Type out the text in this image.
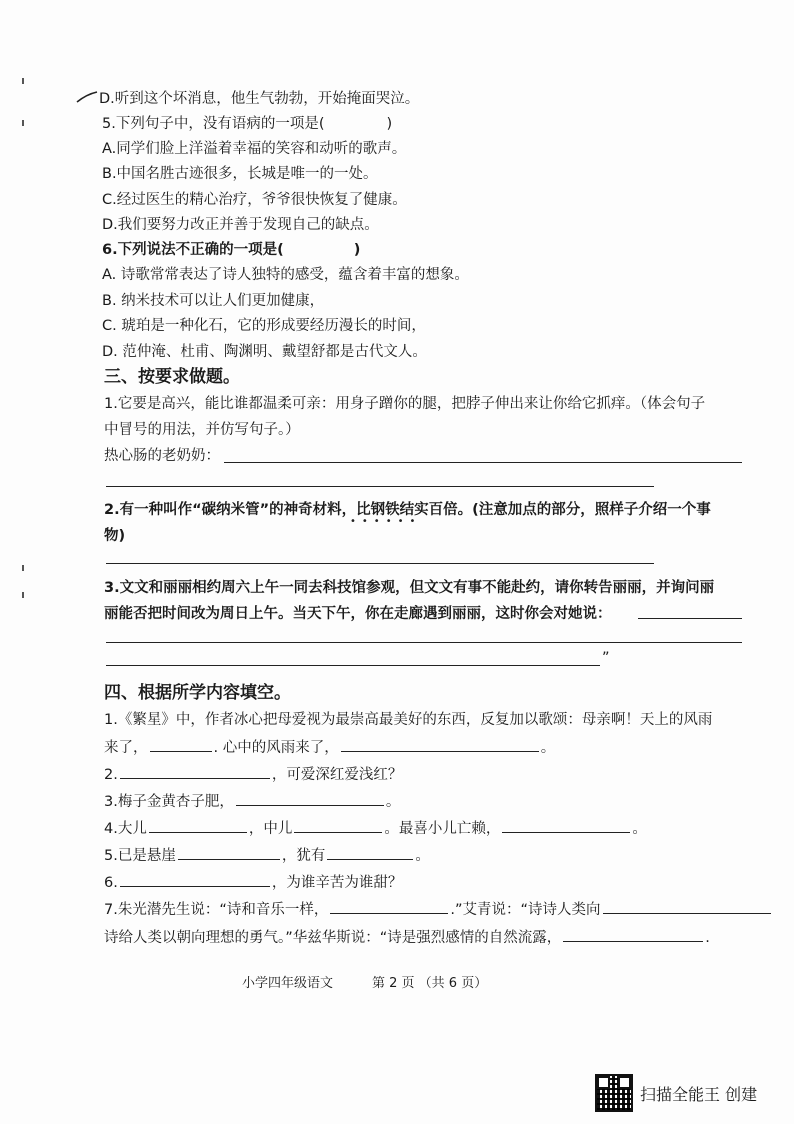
D.听到这个坏消息，他生气勃勃，开始掩面哭泣。
5.下列句子中，没有语病的一项是(	)
A.同学们脸上洋溢着幸福的笑容和动听的歌声。
B.中国名胜古迹很多，长城是唯一的一处。
C.经过医生的精心治疗，爷爷很快恢复了健康。
D.我们要努力改正并善于发现自己的缺点。
6.下列说法不正确的一项是(	)
A. 诗歌常常表达了诗人独特的感受，蕴含着丰富的想象。
B. 纳米技术可以让人们更加健康，
C. 琥珀是一种化石，它的形成要经历漫长的时间，
D. 范仲淹、杜甫、陶渊明、戴望舒都是古代文人。
三、按要求做题。
1.它要是高兴，能比谁都温柔可亲：用身子蹭你的腿，把脖子伸出来让你给它抓痒。（体会句子
中冒号的用法，并仿写句子。）
热心肠的老奶奶：
2.有一种叫作“碳纳米管”的神奇材料，比钢铁结实百倍。(注意加点的部分，照样子介绍一个事
••••••
物)
3.文文和丽丽相约周六上午一同去科技馆参观，但文文有事不能赴约，请你转告丽丽，并询问丽
丽能否把时间改为周日上午。当天下午，你在走廊遇到丽丽，这时你会对她说：
”
四、根据所学内容填空。
1.《繁星》中，作者冰心把母爱视为最崇高最美好的东西，反复加以歌颂：母亲啊！天上的风雨
来了，	. 心中的风雨来了，	。
2.	，可爱深红爱浅红？
3.梅子金黄杏子肥，	。
4.大儿	，中儿	。最喜小儿亡赖，	。
5.已是悬崖	，犹有	。
6.	，为谁辛苦为谁甜？
7.朱光潜先生说：“诗和音乐一样，	.”艾青说：“诗诗人类向
诗给人类以朝向理想的勇气。”华兹华斯说：“诗是强烈感情的自然流露，	.
小学四年级语文	第 2 页 （共 6 页）
扫描全能王 创建
